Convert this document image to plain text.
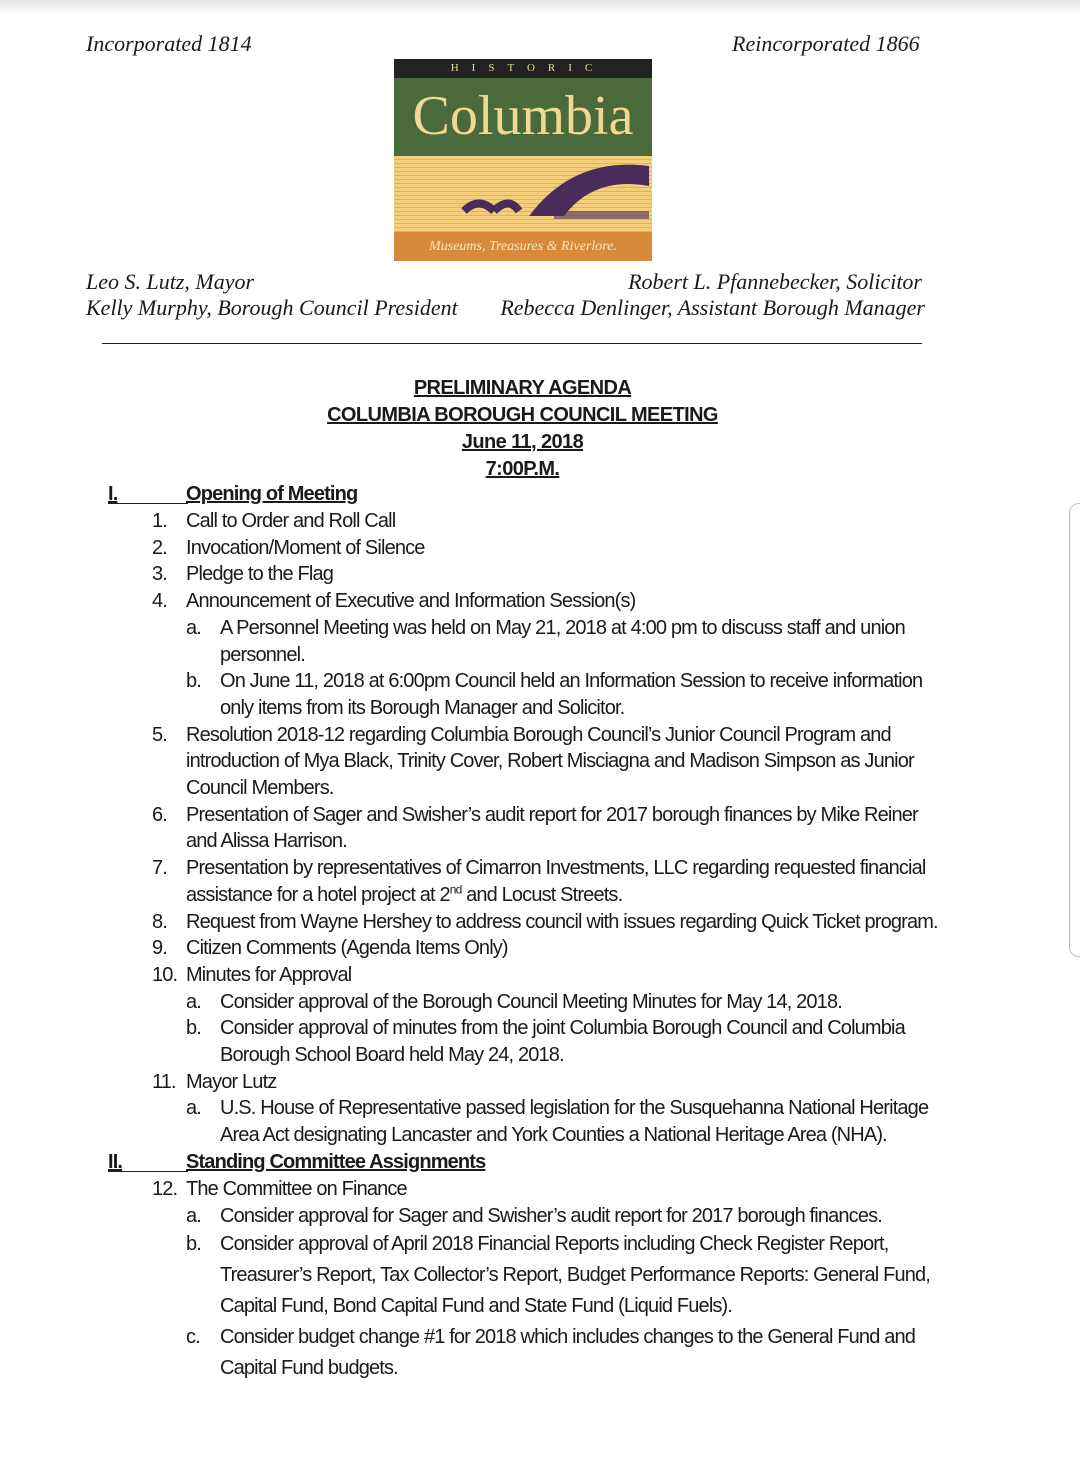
Incorporated 1814	Reincorporated 1866
HISTORIC
Columbia
Museums, Treasures & Riverlore.
Leo S. Lutz, Mayor	Robert L. Pfannebecker, Solicitor
Kelly Murphy, Borough Council President Rebecca Denlinger, Assistant Borough Manager
PRELIMINARY AGENDA
COLUMBIA BOROUGH COUNCIL MEETING
June 11, 2018
7:00P.M.
I.	Opening of Meeting
1. Call to Order and Roll Call
2. Invocation/Moment of Silence
3. Pledge to the Flag
4. Announcement of Executive and Information Session(s)
a. A Personnel Meeting was held on May 21, 2018 at 4:00 pm to discuss staff and union
personnel.
b. On June 11, 2018 at 6:00pm Council held an Information Session to receive information
only items from its Borough Manager and Solicitor.
5. Resolution 2018-12 regarding Columbia Borough Council’s Junior Council Program and
introduction of Mya Black, Trinity Cover, Robert Misciagna and Madison Simpson as Junior
Council Members.
6. Presentation of Sager and Swisher’s audit report for 2017 borough finances by Mike Reiner
and Alissa Harrison.
7. Presentation by representatives of Cimarron Investments, LLC regarding requested financial
assistance for a hotel project at 2nd and Locust Streets.
8. Request from Wayne Hershey to address council with issues regarding Quick Ticket program.
9. Citizen Comments (Agenda Items Only)
10. Minutes for Approval
a. Consider approval of the Borough Council Meeting Minutes for May 14, 2018.
b. Consider approval of minutes from the joint Columbia Borough Council and Columbia
Borough School Board held May 24, 2018.
11. Mayor Lutz
a. U.S. House of Representative passed legislation for the Susquehanna National Heritage
Area Act designating Lancaster and York Counties a National Heritage Area (NHA).
II.	Standing Committee Assignments
12. The Committee on Finance
a. Consider approval for Sager and Swisher’s audit report for 2017 borough finances.
b. Consider approval of April 2018 Financial Reports including Check Register Report,
Treasurer’s Report, Tax Collector’s Report, Budget Performance Reports: General Fund,
Capital Fund, Bond Capital Fund and State Fund (Liquid Fuels).
c.	Consider budget change #1 for 2018 which includes changes to the General Fund and
Capital Fund budgets.
